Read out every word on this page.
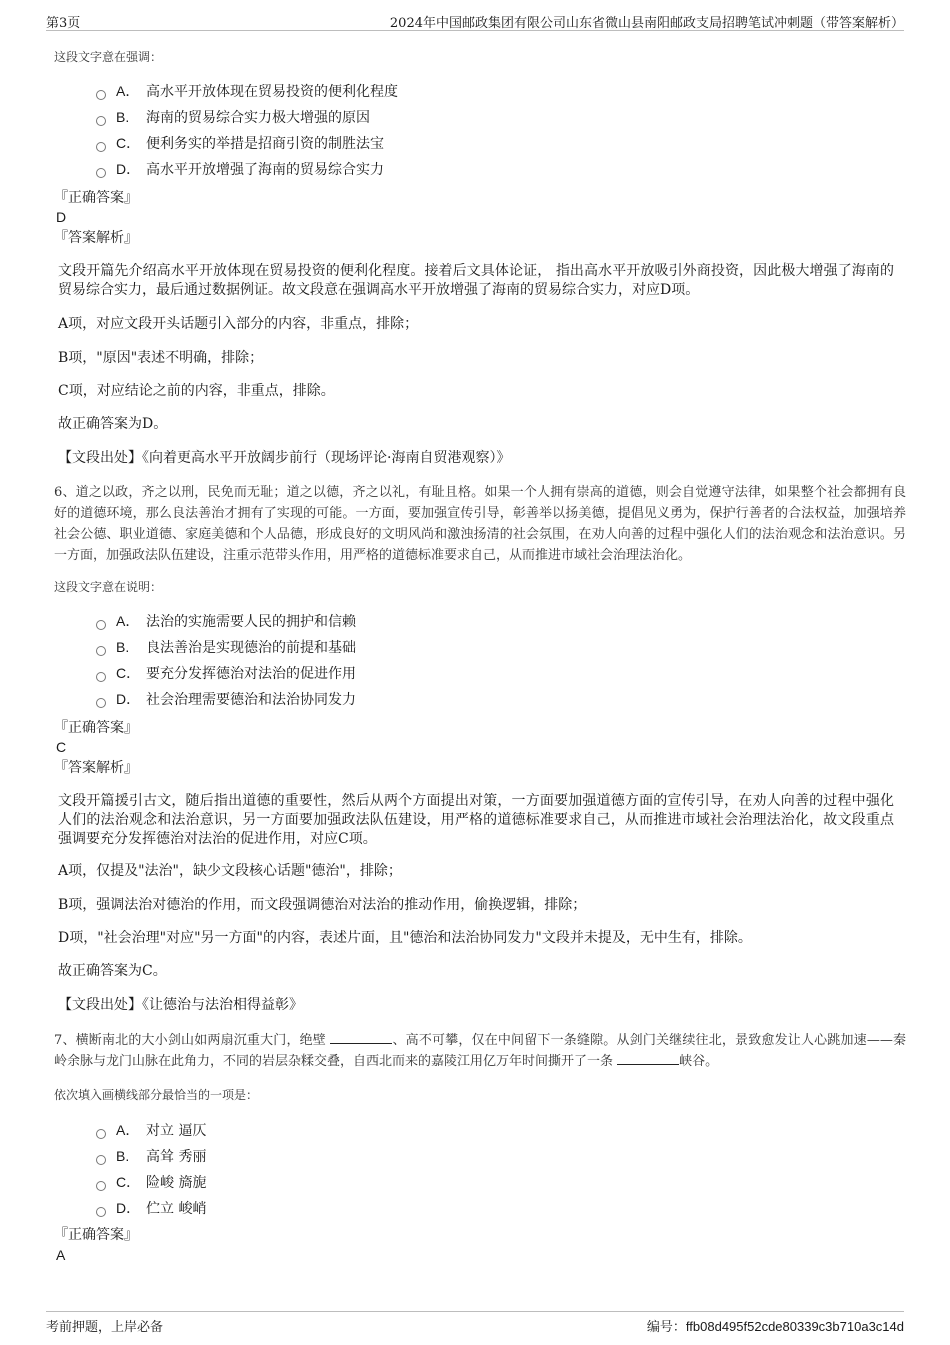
第3页	2024年中国邮政集团有限公司山东省微山县南阳邮政支局招聘笔试冲刺题（带答案解析）
这段文字意在强调：
A． 高水平开放体现在贸易投资的便利化程度
B. 海南的贸易综合实力极大增强的原因
C． 便利务实的举措是招商引资的制胜法宝
D． 高水平开放增强了海南的贸易综合实力
『正确答案』
D
『答案解析』
文段开篇先介绍高水平开放体现在贸易投资的便利化程度。接着后文具体论证， 指出高水平开放吸引外商投资，因此极大增强了海南的贸易综合实力，最后通过数据例证。故文段意在强调高水平开放增强了海南的贸易综合实力，对应D项。
A项，对应文段开头话题引入部分的内容，非重点，排除；
B项，"原因"表述不明确，排除；
C项，对应结论之前的内容，非重点，排除。
故正确答案为D。
【文段出处】《向着更高水平开放阔步前行（现场评论·海南自贸港观察）》
6、道之以政，齐之以刑，民免而无耻；道之以德，齐之以礼，有耻且格。如果一个人拥有崇高的道德，则会自觉遵守法律，如果整个社会都拥有良好的道德环境，那么良法善治才拥有了实现的可能。一方面，要加强宣传引导，彰善举以扬美德，提倡见义勇为，保护行善者的合法权益，加强培养社会公德、职业道德、家庭美德和个人品德，形成良好的文明风尚和激浊扬清的社会氛围，在劝人向善的过程中强化人们的法治观念和法治意识。另一方面，加强政法队伍建设，注重示范带头作用，用严格的道德标准要求自己，从而推进市域社会治理法治化。
这段文字意在说明：
A． 法治的实施需要人民的拥护和信赖
B. 良法善治是实现德治的前提和基础
C． 要充分发挥德治对法治的促进作用
D． 社会治理需要德治和法治协同发力
『正确答案』
C
『答案解析』
文段开篇援引古文，随后指出道德的重要性，然后从两个方面提出对策，一方面要加强道德方面的宣传引导，在劝人向善的过程中强化人们的法治观念和法治意识，另一方面要加强政法队伍建设，用严格的道德标准要求自己，从而推进市域社会治理法治化，故文段重点强调要充分发挥德治对法治的促进作用，对应C项。
A项，仅提及"法治"，缺少文段核心话题"德治"，排除；
B项，强调法治对德治的作用，而文段强调德治对法治的推动作用，偷换逻辑，排除；
D项，"社会治理"对应"另一方面"的内容，表述片面，且"德治和法治协同发力"文段并未提及，无中生有，排除。
故正确答案为C。
【文段出处】《让德治与法治相得益彰》
7、横断南北的大小剑山如两扇沉重大门，绝壁	、高不可攀，仅在中间留下一条缝隙。从剑门关继续往北，景致愈发让人心跳加速——秦岭余脉与龙门山脉在此角力，不同的岩层杂糅交叠，自西北而来的嘉陵江用亿万年时间撕开了一条	峡谷。
依次填入画横线部分最恰当的一项是：
A． 对立 逼仄
B. 高耸 秀丽
C． 险峻 旖旎
D． 伫立 峻峭
『正确答案』
A
考前押题，上岸必备	编号：ffb08d495f52cde80339c3b710a3c14d
